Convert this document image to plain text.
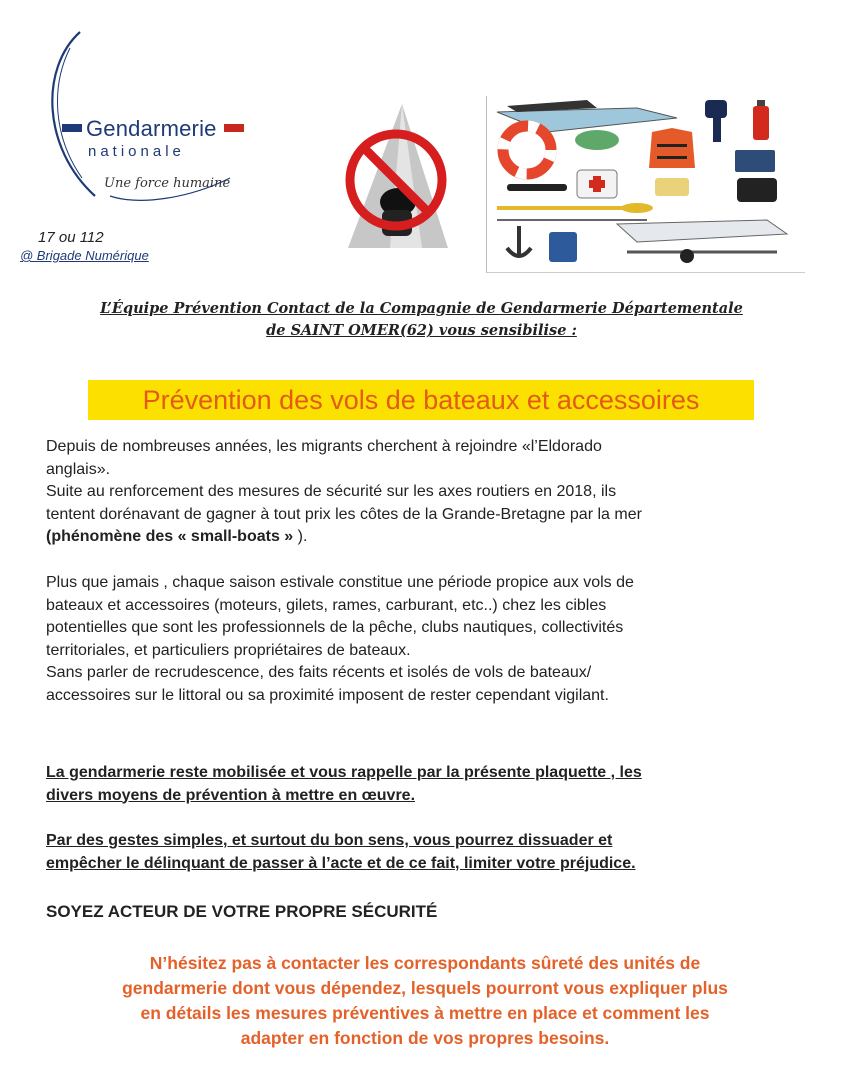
Gendarmerie
nationale
Une force humaine
17 ou 112
@ Brigade Numérique
L’Équipe Prévention Contact de la Compagnie de Gendarmerie Départementale
de SAINT OMER(62) vous sensibilise :
Prévention des vols de bateaux et accessoires
Depuis de nombreuses années, les migrants cherchent à rejoindre «l’Eldorado
anglais».
Suite au renforcement des mesures de sécurité sur les axes routiers en 2018, ils
tentent dorénavant de gagner à tout prix les côtes de la Grande-Bretagne par la mer
(phénomène des « small-boats » ).
Plus que jamais , chaque saison estivale constitue une période propice aux vols de
bateaux et accessoires (moteurs, gilets, rames, carburant, etc..) chez les cibles
potentielles que sont les professionnels de la pêche, clubs nautiques, collectivités
territoriales, et particuliers propriétaires de bateaux.
Sans parler de recrudescence, des faits récents et isolés de vols de bateaux/
accessoires sur le littoral ou sa proximité imposent de rester cependant vigilant.
La gendarmerie reste mobilisée et vous rappelle par la présente plaquette , les
divers moyens de prévention à mettre en œuvre.
Par des gestes simples, et surtout du bon sens, vous pourrez dissuader et
empêcher le délinquant de passer à l’acte et de ce fait, limiter votre préjudice.
SOYEZ ACTEUR DE VOTRE PROPRE SÉCURITÉ
N’hésitez pas à contacter les correspondants sûreté des unités de
gendarmerie dont vous dépendez, lesquels pourront vous expliquer plus
en détails les mesures préventives à mettre en place et comment les
adapter en fonction de vos propres besoins.
